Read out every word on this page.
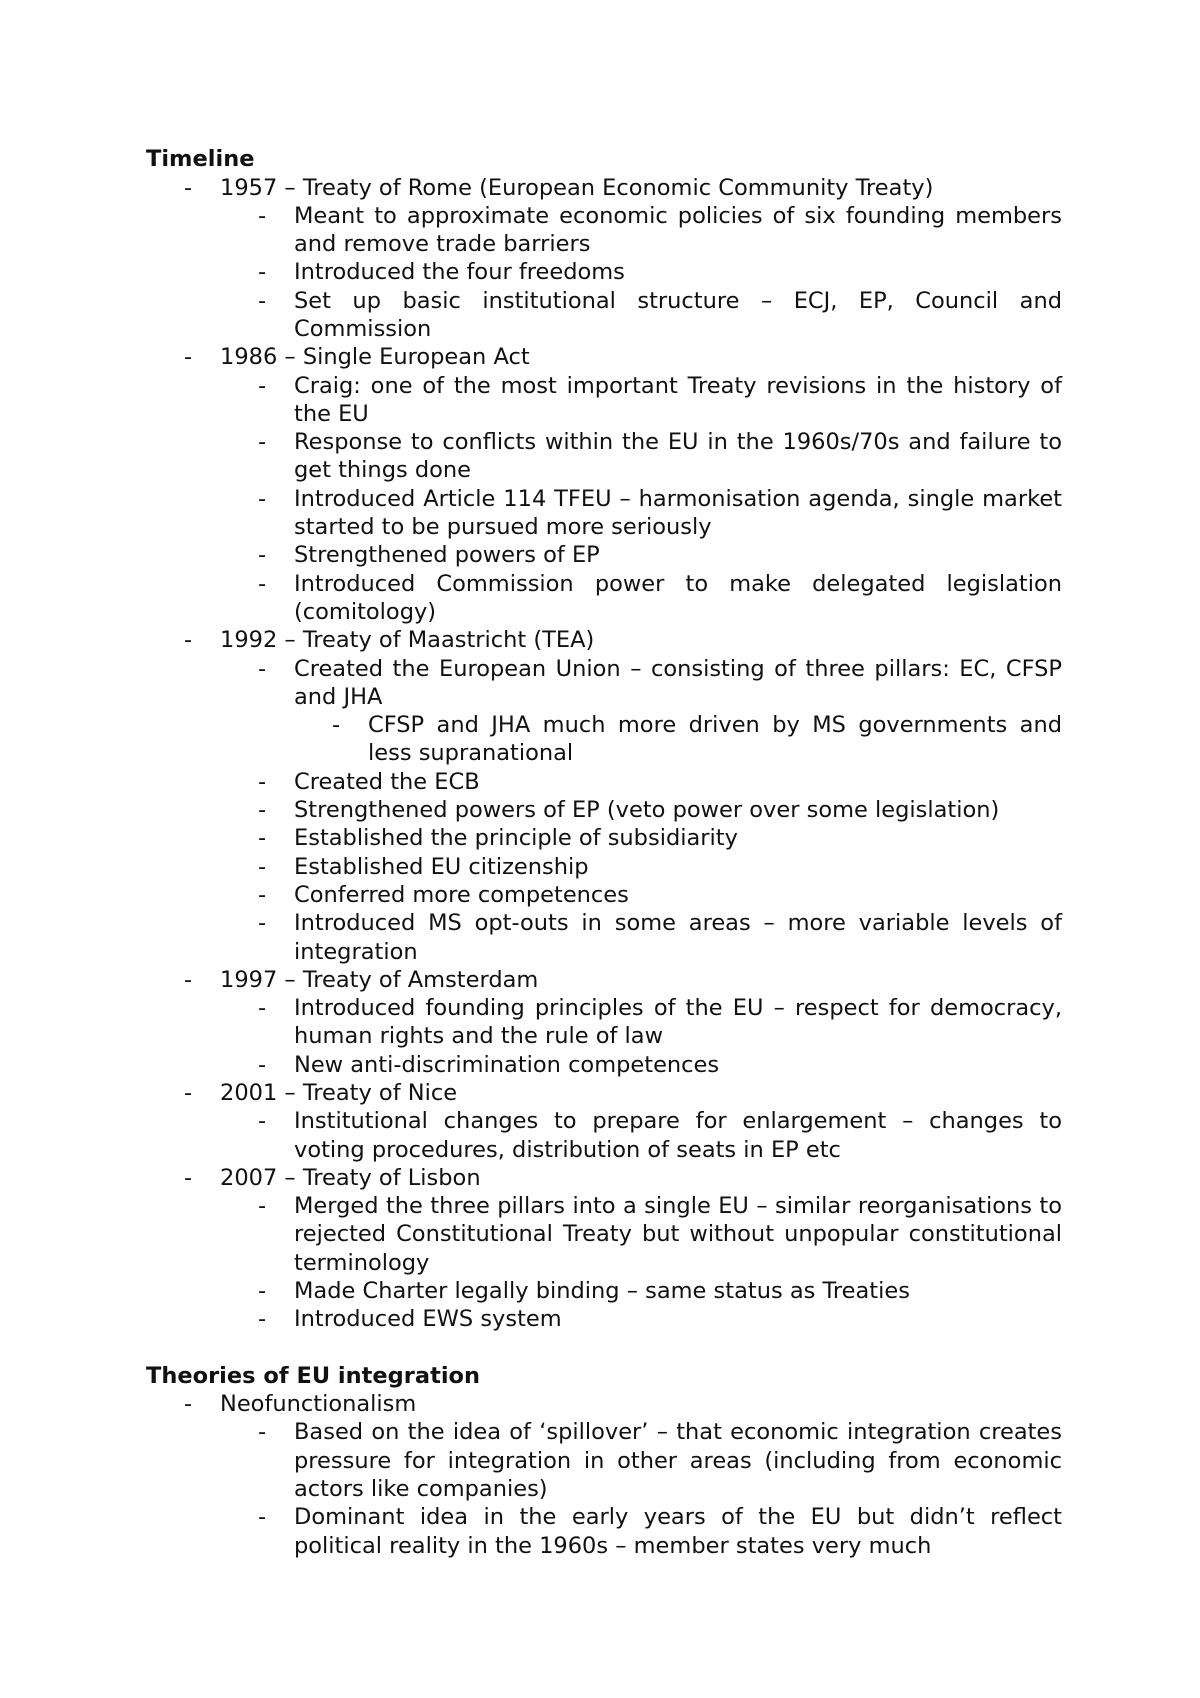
Timeline
- 1957 – Treaty of Rome (European Economic Community Treaty)
- Meant to approximate economic policies of six founding members and remove trade barriers
- Introduced the four freedoms
- Set up basic institutional structure – ECJ, EP, Council and Commission
- 1986 – Single European Act
- Craig: one of the most important Treaty revisions in the history of the EU
- Response to conflicts within the EU in the 1960s/70s and failure to get things done
- Introduced Article 114 TFEU – harmonisation agenda, single market started to be pursued more seriously
- Strengthened powers of EP
- Introduced Commission power to make delegated legislation (comitology)
- 1992 – Treaty of Maastricht (TEA)
- Created the European Union – consisting of three pillars: EC, CFSP and JHA
- CFSP and JHA much more driven by MS governments and less supranational
- Created the ECB
- Strengthened powers of EP (veto power over some legislation)
- Established the principle of subsidiarity
- Established EU citizenship
- Conferred more competences
- Introduced MS opt-outs in some areas – more variable levels of integration
- 1997 – Treaty of Amsterdam
- Introduced founding principles of the EU – respect for democracy, human rights and the rule of law
- New anti-discrimination competences
- 2001 – Treaty of Nice
- Institutional changes to prepare for enlargement – changes to voting procedures, distribution of seats in EP etc
- 2007 – Treaty of Lisbon
- Merged the three pillars into a single EU – similar reorganisations to rejected Constitutional Treaty but without unpopular constitutional terminology
- Made Charter legally binding – same status as Treaties
- Introduced EWS system
Theories of EU integration
- Neofunctionalism
- Based on the idea of ‘spillover’ – that economic integration creates pressure for integration in other areas (including from economic actors like companies)
- Dominant idea in the early years of the EU but didn’t reflect political reality in the 1960s – member states very much
